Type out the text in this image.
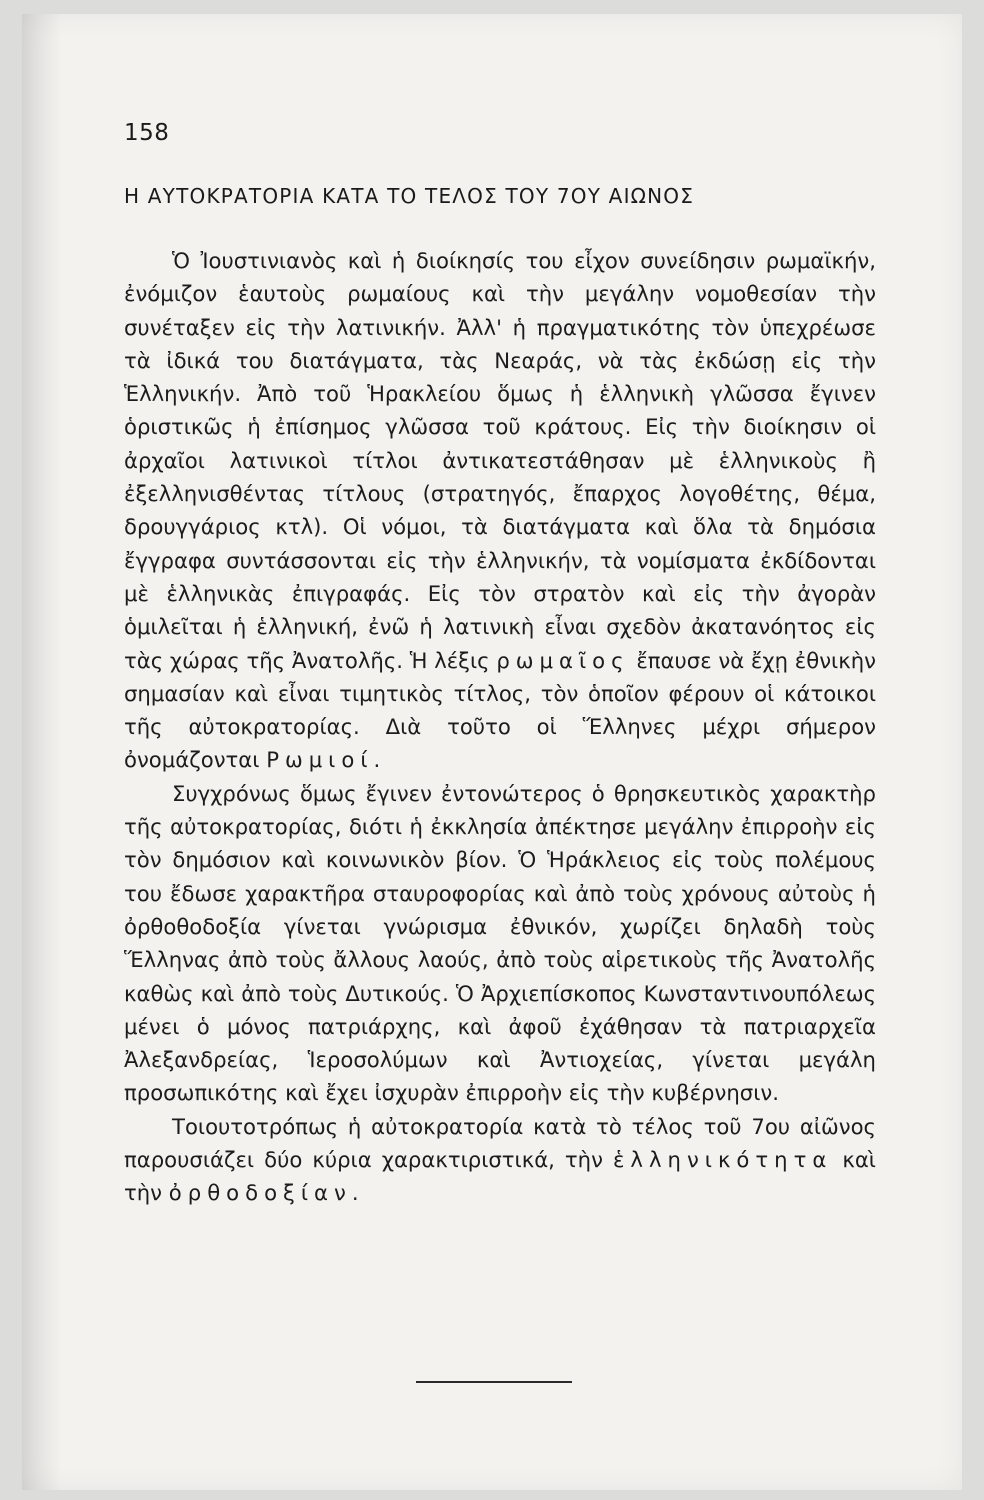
158
Η ΑΥΤΟΚΡΑΤΟΡΙΑ ΚΑΤΑ ΤΟ ΤΕΛΟΣ ΤΟΥ 7ΟΥ ΑΙΩΝΟΣ

Ὁ Ἰουστινιανὸς καὶ ἡ διοίκησίς του εἶχον συνείδησιν ρωμαϊκήν, ἐνόμιζον ἑαυτοὺς ρωμαίους καὶ τὴν μεγάλην νομοθεσίαν τὴν συνέταξεν εἰς τὴν λατινικήν. Ἀλλ' ἡ πραγματικότης τὸν ὑπεχρέωσε τὰ ἰδικά του διατάγματα, τὰς Νεαράς, νὰ τὰς ἐκδώσῃ εἰς τὴν Ἑλληνικήν. Ἀπὸ τοῦ Ἡρακλείου ὅμως ἡ ἑλληνικὴ γλῶσσα ἔγινεν ὁριστικῶς ἡ ἐπίσημος γλῶσσα τοῦ κράτους. Εἰς τὴν διοίκησιν οἱ ἀρχαῖοι λατινικοὶ τίτλοι ἀντικατεστάθησαν μὲ ἑλληνικοὺς ἢ ἐξελληνισθέντας τίτλους (στρατηγός, ἔπαρχος λογοθέτης, θέμα, δρουγγάριος κτλ). Οἱ νόμοι, τὰ διατάγματα καὶ ὅλα τὰ δημόσια ἔγγραφα συντάσσονται εἰς τὴν ἑλληνικήν, τὰ νομίσματα ἐκδίδονται μὲ ἑλληνικὰς ἐπιγραφάς. Εἰς τὸν στρατὸν καὶ εἰς τὴν ἀγορὰν ὁμιλεῖται ἡ ἑλληνική, ἐνῶ ἡ λατινικὴ εἶναι σχεδὸν ἀκατανόητος εἰς τὰς χώρας τῆς Ἀνατολῆς. Ἡ λέξις ρωμαῖος ἔπαυσε νὰ ἔχῃ ἐθνικὴν σημασίαν καὶ εἶναι τιμητικὸς τίτλος, τὸν ὁποῖον φέρουν οἱ κάτοικοι τῆς αὐτοκρατορίας. Διὰ τοῦτο οἱ Ἕλληνες μέχρι σήμερον ὀνομάζονται Ρωμιοί.

Συγχρόνως ὅμως ἔγινεν ἐντονώτερος ὁ θρησκευτικὸς χαρακτὴρ τῆς αὐτοκρατορίας, διότι ἡ ἐκκλησία ἀπέκτησε μεγάλην ἐπιρροὴν εἰς τὸν δημόσιον καὶ κοινωνικὸν βίον. Ὁ Ἡράκλειος εἰς τοὺς πολέμους του ἔδωσε χαρακτῆρα σταυροφορίας καὶ ἀπὸ τοὺς χρόνους αὐτοὺς ἡ ὀρθοθοδοξία γίνεται γνώρισμα ἐθνικόν, χωρίζει δηλαδὴ τοὺς Ἕλληνας ἀπὸ τοὺς ἄλλους λαούς, ἀπὸ τοὺς αἱρετικοὺς τῆς Ἀνατολῆς καθὼς καὶ ἀπὸ τοὺς Δυτικούς. Ὁ Ἀρχιεπίσκοπος Κωνσταντινουπόλεως μένει ὁ μόνος πατριάρχης, καὶ ἀφοῦ ἐχάθησαν τὰ πατριαρχεῖα Ἀλεξανδρείας, Ἱεροσολύμων καὶ Ἀντιοχείας, γίνεται μεγάλη προσωπικότης καὶ ἔχει ἰσχυρὰν ἐπιρροὴν εἰς τὴν κυβέρνησιν.

Τοιουτοτρόπως ἡ αὐτοκρατορία κατὰ τὸ τέλος τοῦ 7ου αἰῶνος παρουσιάζει δύο κύρια χαρακτιριστικά, τὴν ἑλληνικότητα καὶ τὴν ὀρθοδοξίαν.
